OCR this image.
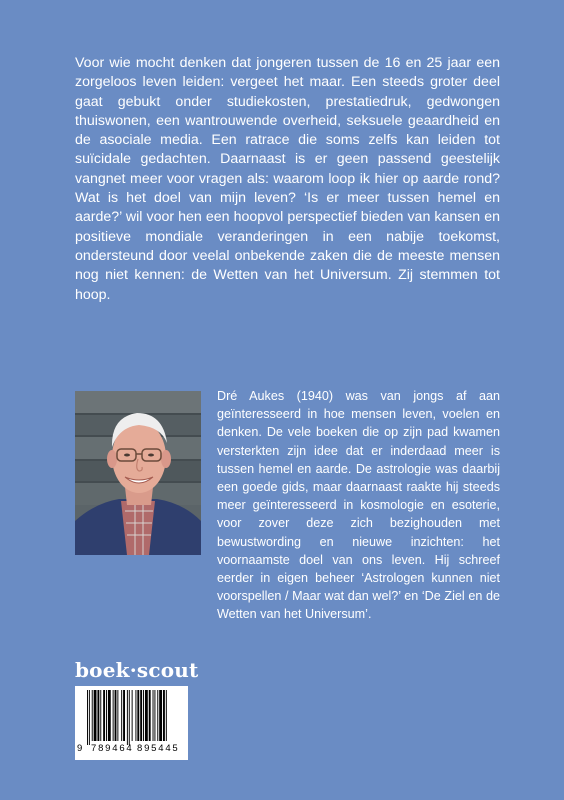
Voor wie mocht denken dat jongeren tussen de 16 en 25 jaar een zorgeloos leven leiden: vergeet het maar. Een steeds groter deel gaat gebukt onder studiekosten, prestatiedruk, gedwongen thuiswonen, een wantrouwende overheid, seksuele geaardheid en de asociale media. Een ratrace die soms zelfs kan leiden tot suïcidale gedachten. Daarnaast is er geen passend geestelijk vangnet meer voor vragen als: waarom loop ik hier op aarde rond? Wat is het doel van mijn leven? ‘Is er meer tussen hemel en aarde?’ wil voor hen een hoopvol perspectief bieden van kansen en positieve mondiale veranderingen in een nabije toekomst, ondersteund door veelal onbekende zaken die de meeste mensen nog niet kennen: de Wetten van het Universum. Zij stemmen tot hoop.

Dré Aukes (1940) was van jongs af aan geïnteresseerd in hoe mensen leven, voelen en denken. De vele boeken die op zijn pad kwamen versterkten zijn idee dat er inderdaad meer is tussen hemel en aarde. De astrologie was daarbij een goede gids, maar daarnaast raakte hij steeds meer geïnteresseerd in kosmologie en esoterie, voor zover deze zich bezighouden met bewustwording en nieuwe inzichten: het voornaamste doel van ons leven. Hij schreef eerder in eigen beheer ‘Astrologen kunnen niet voorspellen / Maar wat dan wel?’ en ‘De Ziel en de Wetten van het Universum’.

boek·scout
9 789464 895445
